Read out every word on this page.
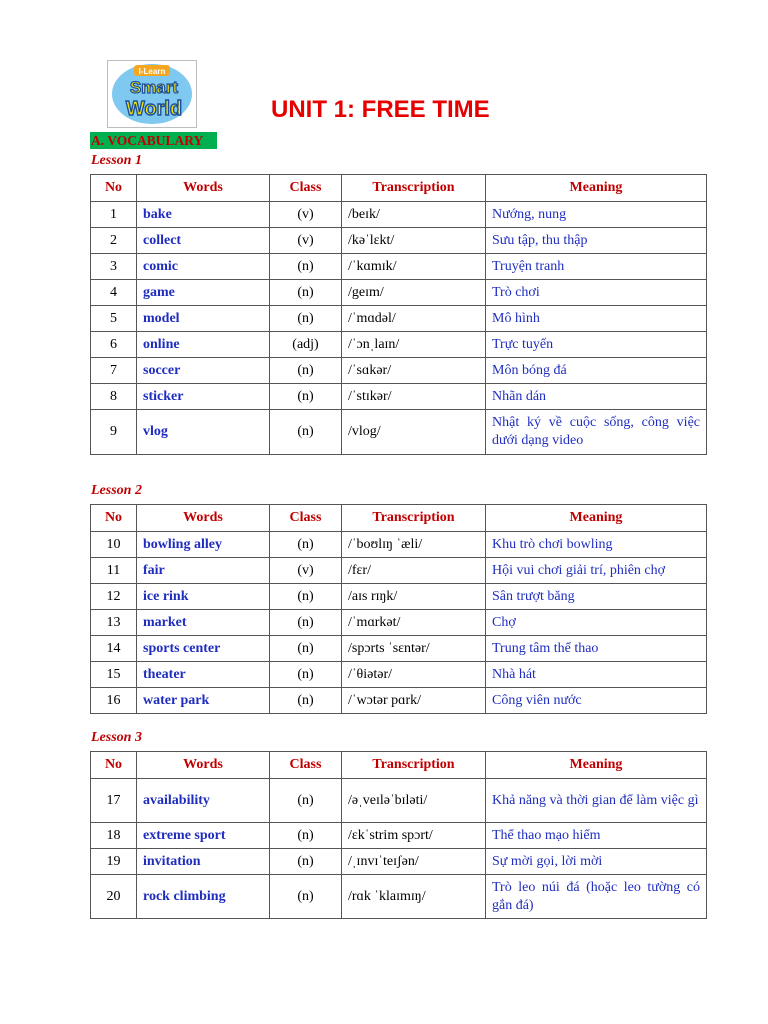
I-Learn
Smart
World	UNIT 1: FREE TIME
A. VOCABULARY
Lesson 1
No	Words	Class	Transcription	Meaning
1	bake	(v)	/beɪk/	Nướng, nung
2	collect	(v)	/kəˈlɛkt/	Sưu tập, thu thập
3	comic	(n)	/ˈkɑmɪk/	Truyện tranh
4	game	(n)	/geɪm/	Trò chơi
5	model	(n)	/ˈmɑdəl/	Mô hình
6	online	(adj)	/ˈɔnˌlaɪn/	Trực tuyến
7	soccer	(n)	/ˈsɑkər/	Môn bóng đá
8	sticker	(n)	/ˈstɪkər/	Nhãn dán
9	vlog	(n)	/vlog/	Nhật ký về cuộc sống, công việc dưới dạng video
Lesson 2
No	Words	Class	Transcription	Meaning
10	bowling alley	(n)	/ˈboʊlɪŋ ˈæli/	Khu trò chơi bowling
11	fair	(v)	/fɛr/	Hội vui chơi giải trí, phiên chợ
12	ice rink	(n)	/aɪs rɪŋk/	Sân trượt băng
13	market	(n)	/ˈmɑrkət/	Chợ
14	sports center	(n)	/spɔrts ˈsɛntər/	Trung tâm thể thao
15	theater	(n)	/ˈθiətər/	Nhà hát
16	water park	(n)	/ˈwɔtər pɑrk/	Công viên nước
Lesson 3
No	Words	Class	Transcription	Meaning
17	availability	(n)	/əˌveɪləˈbɪləti/	Khả năng và thời gian để làm việc gì
18	extreme sport	(n)	/ɛkˈstrim spɔrt/	Thể thao mạo hiểm
19	invitation	(n)	/ˌɪnvɪˈteɪʃən/	Sự mời gọi, lời mời
20	rock climbing	(n)	/rɑk ˈklaɪmɪŋ/	Trò leo núi đá (hoặc leo tường có gắn đá)
